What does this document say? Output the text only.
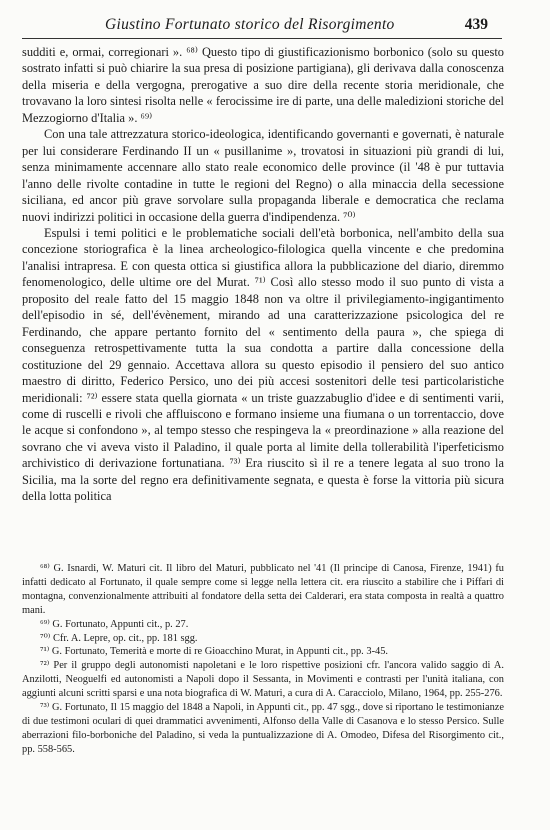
Giustino Fortunato storico del Risorgimento	439

sudditi e, ormai, corregionari ». ⁶⁸⁾ Questo tipo di giustificazionismo borbonico (solo su questo sostrato infatti si può chiarire la sua presa di posizione partigiana), gli derivava dalla conoscenza della miseria e della vergogna, prerogative a suo dire della recente storia meridionale, che trovavano la loro sintesi risolta nelle « ferocissime ire di parte, una delle maledizioni storiche del Mezzogiorno d'Italia ». ⁶⁹⁾

Con una tale attrezzatura storico-ideologica, identificando governanti e governati, è naturale per lui considerare Ferdinando II un « pusillanime », trovatosi in situazioni più grandi di lui, senza minimamente accennare allo stato reale economico delle province (il '48 è pur tuttavia l'anno delle rivolte contadine in tutte le regioni del Regno) o alla minaccia della secessione siciliana, ed ancor più grave sorvolare sulla propaganda liberale e democratica che reclama nuovi indirizzi politici in occasione della guerra d'indipendenza. ⁷⁰⁾

Espulsi i temi politici e le problematiche sociali dell'età borbonica, nell'ambito della sua concezione storiografica è la linea archeologico-filologica quella vincente e che predomina l'analisi intrapresa. E con questa ottica si giustifica allora la pubblicazione del diario, diremmo fenomenologico, delle ultime ore del Murat. ⁷¹⁾ Così allo stesso modo il suo punto di vista a proposito del reale fatto del 15 maggio 1848 non va oltre il privilegiamento-ingigantimento dell'episodio in sé, dell'évènement, mirando ad una caratterizzazione psicologica del re Ferdinando, che appare pertanto fornito del « sentimento della paura », che spiega di conseguenza retrospettivamente tutta la sua condotta a partire dalla concessione della costituzione del 29 gennaio. Accettava allora su questo episodio il pensiero del suo antico maestro di diritto, Federico Persico, uno dei più accesi sostenitori delle tesi particolaristiche meridionali: ⁷²⁾ essere stata quella giornata « un triste guazzabuglio d'idee e di sentimenti varii, come di ruscelli e rivoli che affluiscono e formano insieme una fiumana o un torrentaccio, dove le acque si confondono », al tempo stesso che respingeva la « preordinazione » alla reazione del sovrano che vi aveva visto il Paladino, il quale porta al limite della tollerabilità l'iperfeticismo archivistico di derivazione fortunatiana. ⁷³⁾ Era riuscito sì il re a tenere legata al suo trono la Sicilia, ma la sorte del regno era definitivamente segnata, e questa è forse la vittoria più sicura della lotta politica

⁶⁸⁾ G. Isnardi, W. Maturi cit. Il libro del Maturi, pubblicato nel '41 (Il principe di Canosa, Firenze, 1941) fu infatti dedicato al Fortunato, il quale sempre come si legge nella lettera cit. era riuscito a stabilire che i Piffari di montagna, convenzionalmente attribuiti al fondatore della setta dei Calderari, era stata composta in realtà a quattro mani.

⁶⁹⁾ G. Fortunato, Appunti cit., p. 27.

⁷⁰⁾ Cfr. A. Lepre, op. cit., pp. 181 sgg.

⁷¹⁾ G. Fortunato, Temerità e morte di re Gioacchino Murat, in Appunti cit., pp. 3-45.

⁷²⁾ Per il gruppo degli autonomisti napoletani e le loro rispettive posizioni cfr. l'ancora valido saggio di A. Anzilotti, Neoguelfi ed autonomisti a Napoli dopo il Sessanta, in Movimenti e contrasti per l'unità italiana, con aggiunti alcuni scritti sparsi e una nota biografica di W. Maturi, a cura di A. Caracciolo, Milano, 1964, pp. 255-276.

⁷³⁾ G. Fortunato, Il 15 maggio del 1848 a Napoli, in Appunti cit., pp. 47 sgg., dove si riportano le testimonianze di due testimoni oculari di quei drammatici avvenimenti, Alfonso della Valle di Casanova e lo stesso Persico. Sulle aberrazioni filo-borboniche del Paladino, si veda la puntualizzazione di A. Omodeo, Difesa del Risorgimento cit., pp. 558-565.
